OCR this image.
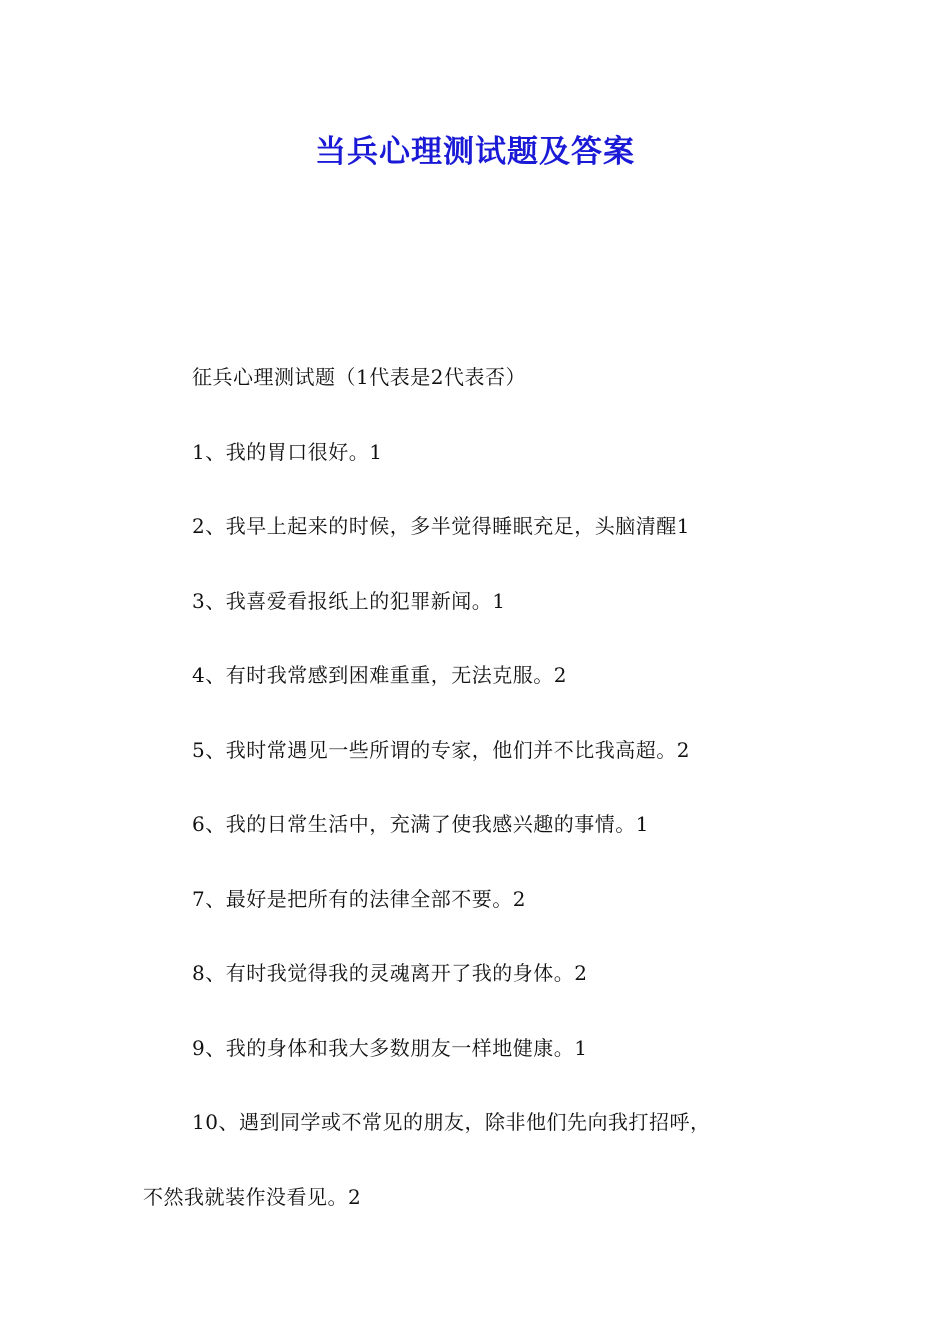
当兵心理测试题及答案
征兵心理测试题（1代表是2代表否）
1、我的胃口很好。1
2、我早上起来的时候，多半觉得睡眠充足，头脑清醒1
3、我喜爱看报纸上的犯罪新闻。1
4、有时我常感到困难重重，无法克服。2
5、我时常遇见一些所谓的专家，他们并不比我高超。2
6、我的日常生活中，充满了使我感兴趣的事情。1
7、最好是把所有的法律全部不要。2
8、有时我觉得我的灵魂离开了我的身体。2
9、我的身体和我大多数朋友一样地健康。1
10、遇到同学或不常见的朋友，除非他们先向我打招呼，
不然我就装作没看见。2
